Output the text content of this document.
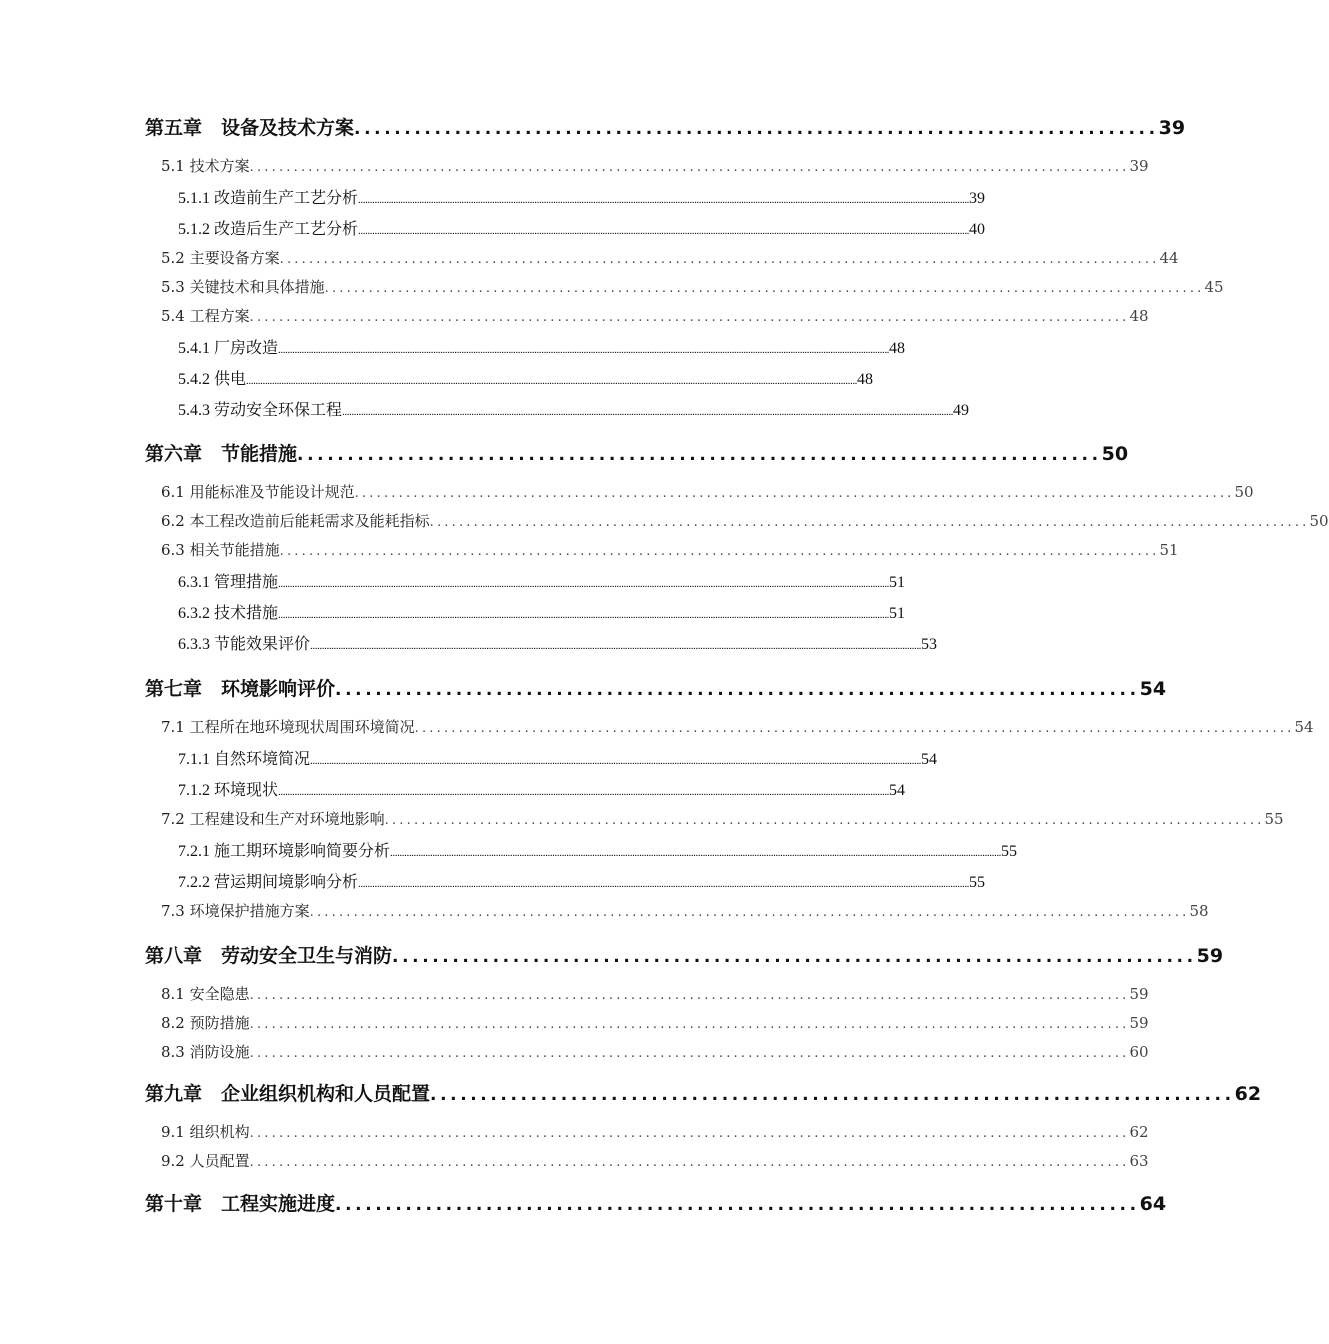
第五章　设备及技术方案 ................................................................................ 39
5.1 技术方案 ........................................................................................................................ 39
5.1.1 改造前生产工艺分析 .................................................................................................................................................................................................................................................................... 39
5.1.2 改造后生产工艺分析 .................................................................................................................................................................................................................................................................... 40
5.2 主要设备方案 ........................................................................................................................ 44
5.3 关键技术和具体措施 ........................................................................................................................ 45
5.4 工程方案 ........................................................................................................................ 48
5.4.1 厂房改造 .................................................................................................................................................................................................................................................................... 48
5.4.2 供电 .................................................................................................................................................................................................................................................................... 48
5.4.3 劳动安全环保工程 .................................................................................................................................................................................................................................................................... 49
第六章　节能措施 ................................................................................ 50
6.1 用能标准及节能设计规范 ........................................................................................................................ 50
6.2 本工程改造前后能耗需求及能耗指标 ........................................................................................................................ 50
6.3 相关节能措施 ........................................................................................................................ 51
6.3.1 管理措施 .................................................................................................................................................................................................................................................................... 51
6.3.2 技术措施 .................................................................................................................................................................................................................................................................... 51
6.3.3 节能效果评价 .................................................................................................................................................................................................................................................................... 53
第七章　环境影响评价 ................................................................................ 54
7.1 工程所在地环境现状周围环境简况 ........................................................................................................................ 54
7.1.1 自然环境简况 .................................................................................................................................................................................................................................................................... 54
7.1.2 环境现状 .................................................................................................................................................................................................................................................................... 54
7.2 工程建设和生产对环境地影响 ........................................................................................................................ 55
7.2.1 施工期环境影响简要分析 .................................................................................................................................................................................................................................................................... 55
7.2.2 营运期间境影响分析 .................................................................................................................................................................................................................................................................... 55
7.3 环境保护措施方案 ........................................................................................................................ 58
第八章　劳动安全卫生与消防 ................................................................................ 59
8.1 安全隐患 ........................................................................................................................ 59
8.2 预防措施 ........................................................................................................................ 59
8.3 消防设施 ........................................................................................................................ 60
第九章　企业组织机构和人员配置 ................................................................................ 62
9.1 组织机构 ........................................................................................................................ 62
9.2 人员配置 ........................................................................................................................ 63
第十章　工程实施进度 ................................................................................ 64
